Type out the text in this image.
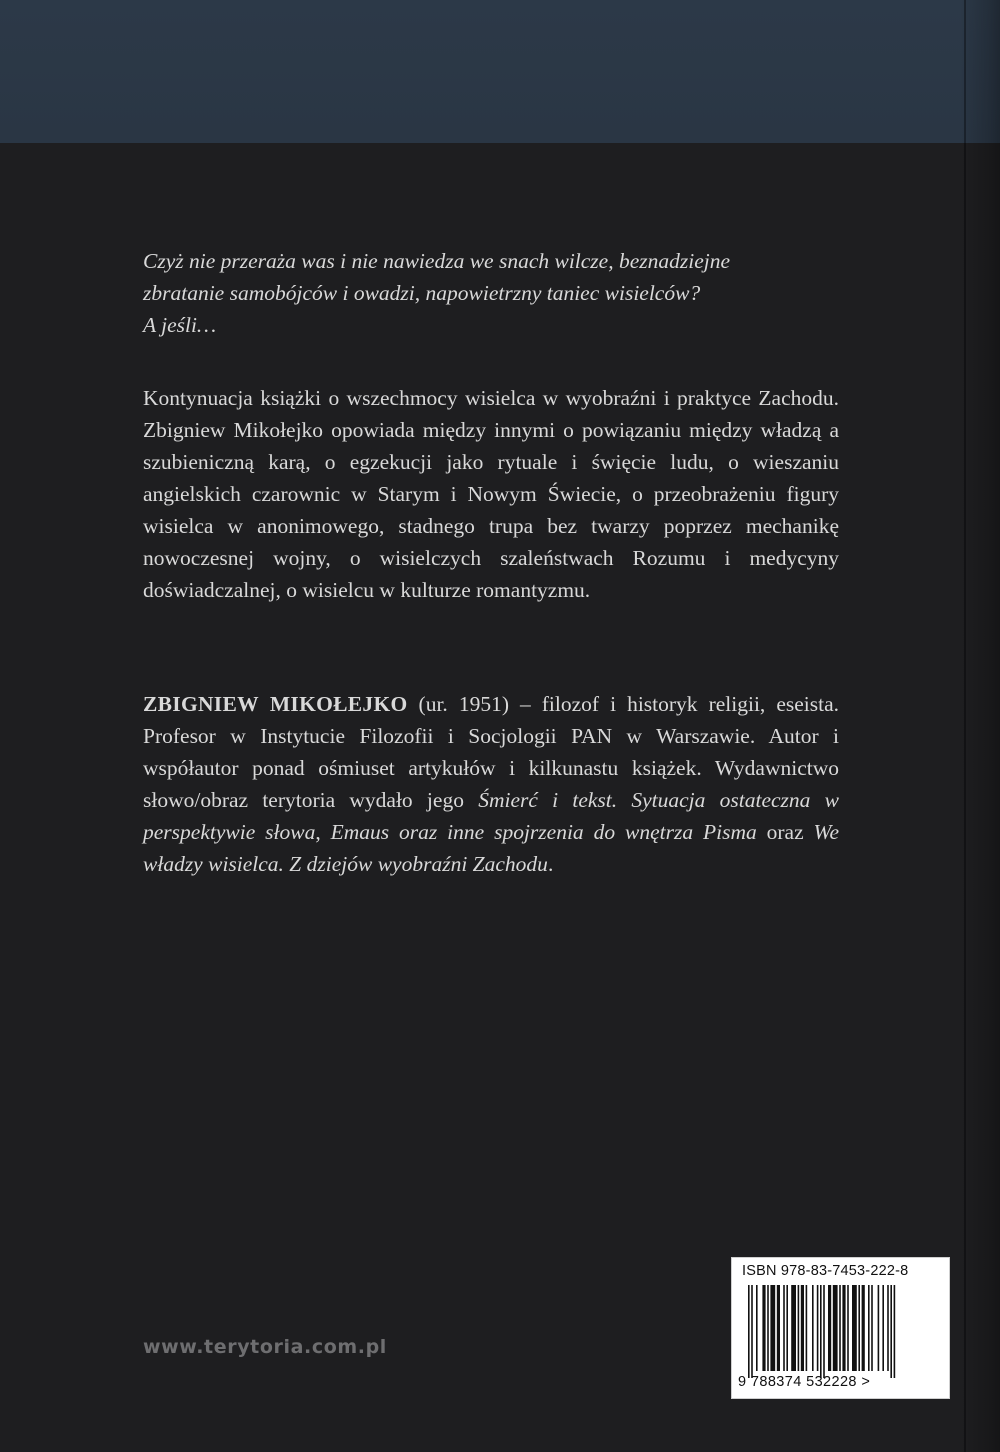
Czyż nie przeraża was i nie nawiedza we snach wilcze, beznadziejne

zbratanie samobójców i owadzi, napowietrzny taniec wisielców?

A jeśli…

Kontynuacja książki o wszechmocy wisielca w wyobraźni i praktyce Zachodu. Zbigniew Mikołejko opowiada między innymi o powiązaniu między władzą a szubieniczną karą, o egzekucji jako rytuale i święcie ludu, o wieszaniu angielskich czarownic w Starym i Nowym Świecie, o przeobrażeniu figury wisielca w anonimowego, stadnego trupa bez twarzy poprzez mechanikę nowoczesnej wojny, o wisielczych szaleństwach Rozumu i medycyny doświadczalnej, o wisielcu w kulturze romantyzmu.

ZBIGNIEW MIKOŁEJKO (ur. 1951) – filozof i historyk religii, eseista. Profesor w Instytucie Filozofii i Socjologii PAN w Warszawie. Autor i współautor ponad ośmiuset artykułów i kilkunastu książek. Wydawnictwo słowo/obraz terytoria wydało jego Śmierć i tekst. Sytuacja ostateczna w perspektywie słowa, Emaus oraz inne spojrzenia do wnętrza Pisma oraz We władzy wisielca. Z dziejów wyobraźni Zachodu.

www.terytoria.com.pl
ISBN 978-83-7453-222-8
9 788374 532228 >
